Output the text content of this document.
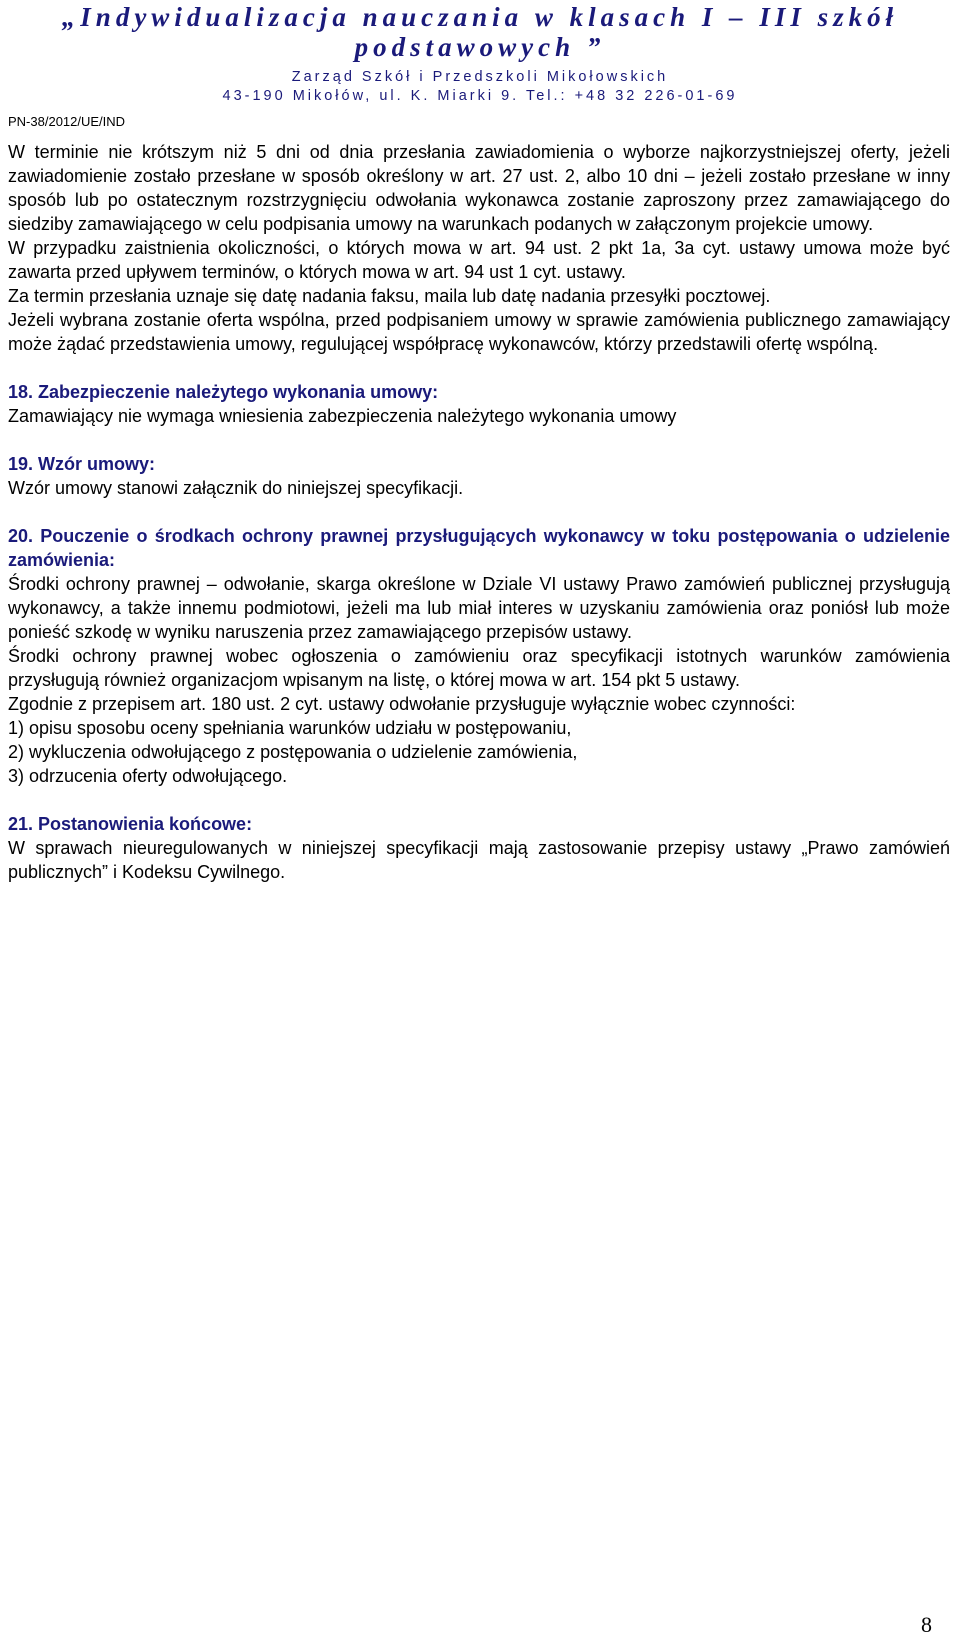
„Indywidualizacja nauczania w klasach I – III szkół
podstawowych ”
Zarząd Szkół i Przedszkoli Mikołowskich
43-190 Mikołów, ul. K. Miarki 9. Tel.: +48 32 226-01-69
PN-38/2012/UE/IND

W terminie nie krótszym niż 5 dni od dnia przesłania zawiadomienia o wyborze najkorzystniejszej oferty, jeżeli zawiadomienie zostało przesłane w sposób określony w art. 27 ust. 2, albo 10 dni – jeżeli zostało przesłane w inny sposób lub po ostatecznym rozstrzygnięciu odwołania wykonawca zostanie zaproszony przez zamawiającego do siedziby zamawiającego w celu podpisania umowy na warunkach podanych w załączonym projekcie umowy.

W przypadku zaistnienia okoliczności, o których mowa w art. 94 ust. 2 pkt 1a, 3a cyt. ustawy umowa może być zawarta przed upływem terminów, o których mowa w art. 94 ust 1 cyt. ustawy.

Za termin przesłania uznaje się datę nadania faksu, maila lub datę nadania przesyłki pocztowej.

Jeżeli wybrana zostanie oferta wspólna, przed podpisaniem umowy w sprawie zamówienia publicznego zamawiający może żądać przedstawienia umowy, regulującej współpracę wykonawców, którzy przedstawili ofertę wspólną.

18. Zabezpieczenie należytego wykonania umowy:

Zamawiający nie wymaga wniesienia zabezpieczenia należytego wykonania umowy

19. Wzór umowy:

Wzór umowy stanowi załącznik do niniejszej specyfikacji.

20. Pouczenie o środkach ochrony prawnej przysługujących wykonawcy w toku postępowania o udzielenie zamówienia:

Środki ochrony prawnej – odwołanie, skarga określone w Dziale VI ustawy Prawo zamówień publicznej przysługują wykonawcy, a także innemu podmiotowi, jeżeli ma lub miał interes w uzyskaniu zamówienia oraz poniósł lub może ponieść szkodę w wyniku naruszenia przez zamawiającego przepisów ustawy.

Środki ochrony prawnej wobec ogłoszenia o zamówieniu oraz specyfikacji istotnych warunków zamówienia przysługują również organizacjom wpisanym na listę, o której mowa w art. 154 pkt 5 ustawy.

Zgodnie z przepisem art. 180 ust. 2 cyt. ustawy odwołanie przysługuje wyłącznie wobec czynności:

1) opisu sposobu oceny spełniania warunków udziału w postępowaniu,

2) wykluczenia odwołującego z postępowania o udzielenie zamówienia,

3) odrzucenia oferty odwołującego.

21. Postanowienia końcowe:

W sprawach nieuregulowanych w niniejszej specyfikacji mają zastosowanie przepisy ustawy „Prawo zamówień publicznych” i Kodeksu Cywilnego.

8
